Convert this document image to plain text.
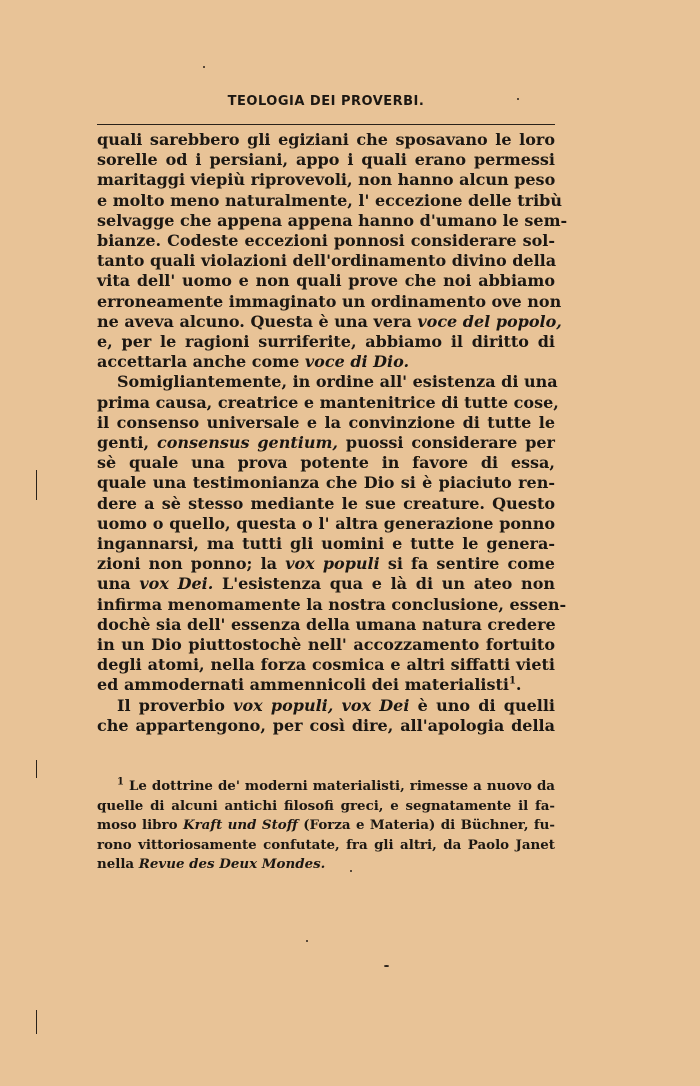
TEOLOGIA DEI PROVERBI.
quali sarebbero gli egiziani che sposavano le loro
sorelle od i persiani, appo i quali erano permessi
maritaggi viepiù riprovevoli, non hanno alcun peso
e molto meno naturalmente, l' eccezione delle tribù
selvagge che appena appena hanno d'umano le sem-
bianze. Codeste eccezioni ponnosi considerare sol-
tanto quali violazioni dell'ordinamento divino della
vita dell' uomo e non quali prove che noi abbiamo
erroneamente immaginato un ordinamento ove non
ne aveva alcuno. Questa è una vera voce del popolo,
e, per le ragioni surriferite, abbiamo il diritto di
accettarla anche come voce di Dio.
Somigliantemente, in ordine all' esistenza di una
prima causa, creatrice e mantenitrice di tutte cose,
il consenso universale e la convinzione di tutte le
genti, consensus gentium, puossi considerare per
sè quale una prova potente in favore di essa,
quale una testimonianza che Dio si è piaciuto ren-
dere a sè stesso mediante le sue creature. Questo
uomo o quello, questa o l' altra generazione ponno
ingannarsi, ma tutti gli uomini e tutte le genera-
zioni non ponno; la vox populi si fa sentire come
una vox Dei. L'esistenza qua e là di un ateo non
infirma menomamente la nostra conclusione, essen-
dochè sia dell' essenza della umana natura credere
in un Dio piuttostochè nell' accozzamento fortuito
degli atomi, nella forza cosmica e altri siffatti vieti
ed ammodernati ammennicoli dei materialisti$^1$.
Il proverbio vox populi, vox Dei è uno di quelli
che appartengono, per così dire, all'apologia della
$^1$ Le dottrine de' moderni materialisti, rimesse a nuovo da
quelle di alcuni antichi filosofi greci, e segnatamente il fa-
moso libro Kraft und Stoff (Forza e Materia) di Büchner, fu-
rono vittoriosamente confutate, fra gli altri, da Paolo Janet
nella Revue des Deux Mondes.
